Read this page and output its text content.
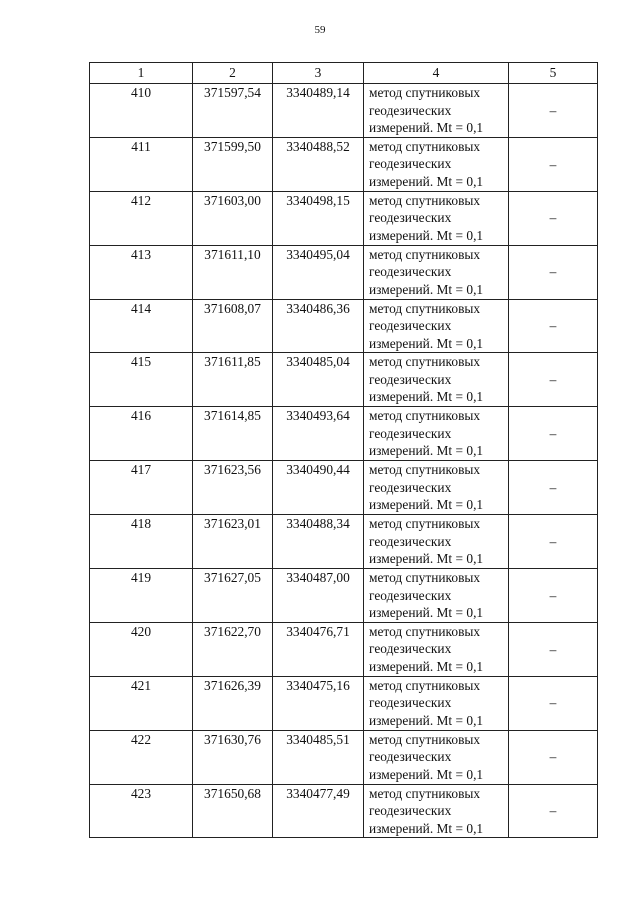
59
1	2	3	4	5
410	371597,54	3340489,14	метод спутниковых
геодезических
измерений. Mt = 0,1	–
411	371599,50	3340488,52	метод спутниковых
геодезических
измерений. Mt = 0,1	–
412	371603,00	3340498,15	метод спутниковых
геодезических
измерений. Mt = 0,1	–
413	371611,10	3340495,04	метод спутниковых
геодезических
измерений. Mt = 0,1	–
414	371608,07	3340486,36	метод спутниковых
геодезических
измерений. Mt = 0,1	–
415	371611,85	3340485,04	метод спутниковых
геодезических
измерений. Mt = 0,1	–
416	371614,85	3340493,64	метод спутниковых
геодезических
измерений. Mt = 0,1	–
417	371623,56	3340490,44	метод спутниковых
геодезических
измерений. Mt = 0,1	–
418	371623,01	3340488,34	метод спутниковых
геодезических
измерений. Mt = 0,1	–
419	371627,05	3340487,00	метод спутниковых
геодезических
измерений. Mt = 0,1	–
420	371622,70	3340476,71	метод спутниковых
геодезических
измерений. Mt = 0,1	–
421	371626,39	3340475,16	метод спутниковых
геодезических
измерений. Mt = 0,1	–
422	371630,76	3340485,51	метод спутниковых
геодезических
измерений. Mt = 0,1	–
423	371650,68	3340477,49	метод спутниковых
геодезических
измерений. Mt = 0,1	–
